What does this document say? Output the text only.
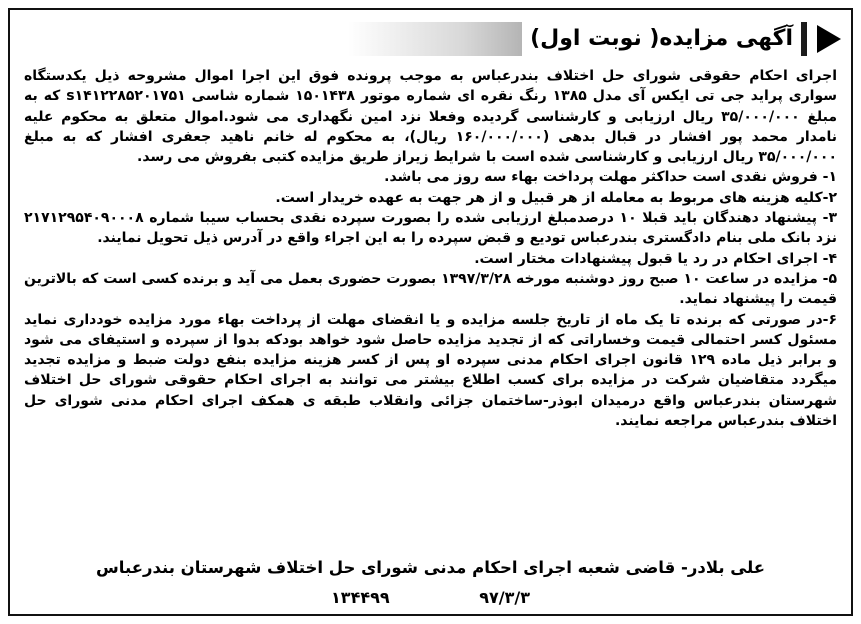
آگهی مزایده( نوبت اول)

اجرای احکام حقوقی شورای حل اختلاف بندرعباس به موجب پرونده فوق این اجرا اموال مشروحه ذیل یکدستگاه سواری پراید جی تی ایکس آی مدل ۱۳۸۵ رنگ نقره ای شماره موتور ۱۵۰۱۴۳۸ شماره شاسی s۱۴۱۲۲۸۵۲۰۱۷۵۱ که به مبلغ ۳۵/۰۰۰/۰۰۰ ریال ارزیابی و کارشناسی گردیده وفعلا نزد امین نگهداری می شود.اموال متعلق به محکوم علیه نامدار محمد پور افشار در قبال بدهی (۱۶۰/۰۰۰/۰۰۰ ریال)، به محکوم له خانم ناهید جعفری افشار که به مبلغ ۳۵/۰۰۰/۰۰۰ ریال ارزیابی و کارشناسی شده است با شرایط زیراز طریق مزایده کتبی بفروش می رسد.

۱- فروش نقدی است حداکثر مهلت پرداخت بهاء سه روز می باشد.

۲-کلیه هزینه های مربوط به معامله از هر قبیل و از هر جهت به عهده خریدار است.

۳- پیشنهاد دهندگان باید قبلا ۱۰ درصدمبلغ ارزیابی شده را بصورت سپرده نقدی بحساب سیبا شماره ۲۱۷۱۲۹۵۴۰۹۰۰۰۸ نزد بانک ملی بنام دادگستری بندرعباس تودیع و قبض سپرده را به این اجراء واقع در آدرس ذیل تحویل نمایند.

۴- اجرای احکام در رد یا قبول پیشنهادات مختار است.

۵- مزایده در ساعت ۱۰ صبح روز دوشنبه مورخه ۱۳۹۷/۳/۲۸ بصورت حضوری بعمل می آید و برنده کسی است که بالاترین قیمت را پیشنهاد نماید.

۶-در صورتی که برنده تا یک ماه از تاریخ جلسه مزایده و یا انقضای مهلت از پرداخت بهاء مورد مزایده خودداری نماید مسئول کسر احتمالی قیمت وخساراتی که از تجدید مزایده حاصل شود خواهد بودکه بدوا از سپرده و استیفای می شود و برابر ذیل ماده ۱۲۹ قانون اجرای احکام مدنی سپرده او پس از کسر هزینه مزایده بنفع دولت ضبط و مزایده تجدید میگردد متقاضیان شرکت در مزایده برای کسب اطلاع بیشتر می توانند به اجرای احکام حقوقی شورای حل اختلاف شهرستان بندرعباس واقع درمیدان ابوذر-ساختمان جزائی وانقلاب طبقه ی همکف اجرای احکام مدنی شورای حل اختلاف بندرعباس مراجعه نمایند.

علی بلادر- قاضی شعبه اجرای احکام مدنی شورای حل اختلاف شهرستان بندرعباس
۹۷/۳/۳ ۱۳۴۴۹۹
